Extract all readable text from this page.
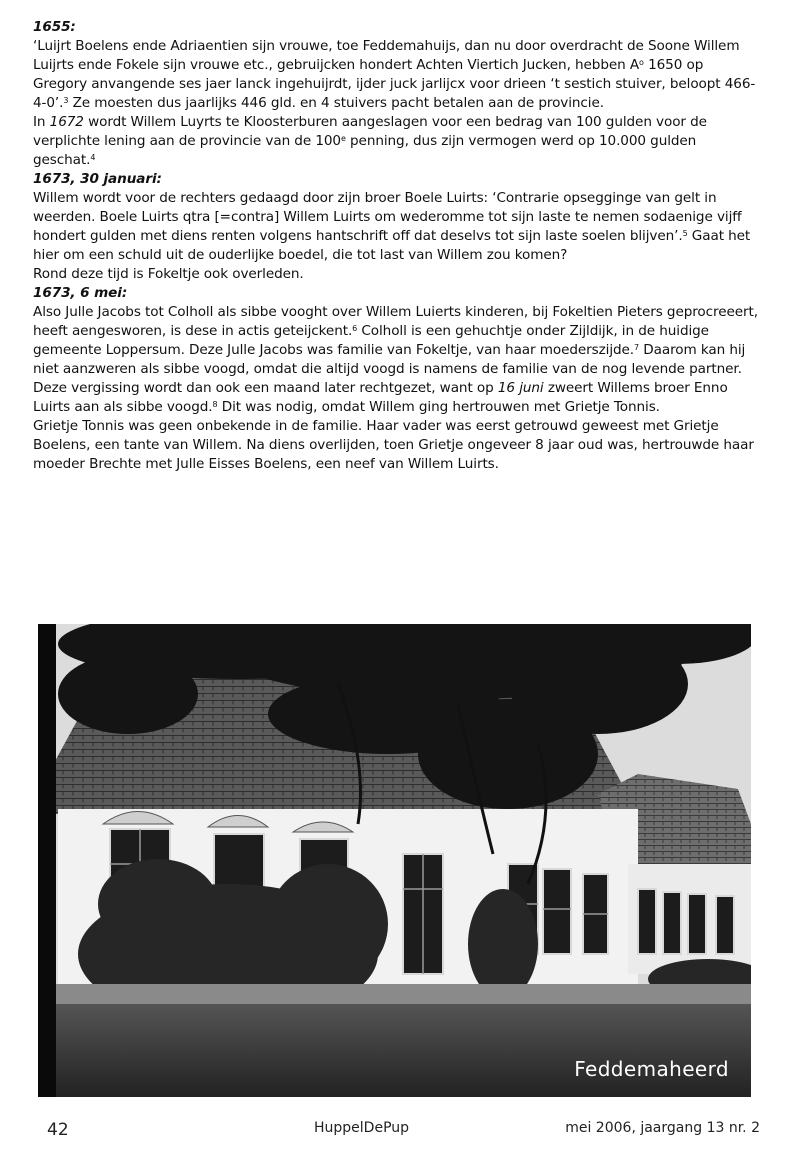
1655:

‘Luijrt Boelens ende Adriaentien sijn vrouwe, toe Feddemahuijs, dan nu door overdracht de Soone Willem Luijrts ende Fokele sijn vrouwe etc., gebruijcken hondert Achten Viertich Jucken, hebben $A^o$ 1650 op Gregory anvangende ses jaer lanck ingehuijrdt, ijder juck jarlijcx voor drieen ‘t sestich stuiver, beloopt 466-4-0’.$^3$ Ze moesten dus jaarlijks 446 gld. en 4 stuivers pacht betalen aan de provincie.

In 1672 wordt Willem Luyrts te Kloosterburen aangeslagen voor een bedrag van 100 gulden voor de verplichte lening aan de provincie van de 100e penning, dus zijn vermogen werd op 10.000 gulden geschat.$^4$

1673, 30 januari:

Willem wordt voor de rechters gedaagd door zijn broer Boele Luirts: ‘Contrarie opsegginge van gelt in weerden. Boele Luirts qtra [=contra] Willem Luirts om wederomme tot sijn laste te nemen sodaenige vijff hondert gulden met diens renten volgens hantschrift off dat deselvs tot sijn laste soelen blijven’.$^5$ Gaat het hier om een schuld uit de ouderlijke boedel, die tot last van Willem zou komen?

Rond deze tijd is Fokeltje ook overleden.

1673, 6 mei:

Also Julle Jacobs tot Colholl als sibbe vooght over Willem Luierts kinderen, bij Fokeltien Pieters geprocreeert, heeft aengesworen, is dese in actis geteijckent.$^6$ Colholl is een gehuchtje onder Zijldijk, in de huidige gemeente Loppersum. Deze Julle Jacobs was familie van Fokeltje, van haar moederszijde.$^7$ Daarom kan hij niet aanzweren als sibbe voogd, omdat die altijd voogd is namens de familie van de nog levende partner. Deze vergissing wordt dan ook een maand later rechtgezet, want op 16 juni zweert Willems broer Enno Luirts aan als sibbe voogd.$^8$ Dit was nodig, omdat Willem ging hertrouwen met Grietje Tonnis.

Grietje Tonnis was geen onbekende in de familie. Haar vader was eerst getrouwd geweest met Grietje Boelens, een tante van Willem. Na diens overlijden, toen Grietje ongeveer 8 jaar oud was, hertrouwde haar moeder Brechte met Julle Eisses Boelens, een neef van Willem Luirts.

Feddemaheerd
42	HuppelDePup	mei 2006, jaargang 13 nr. 2
